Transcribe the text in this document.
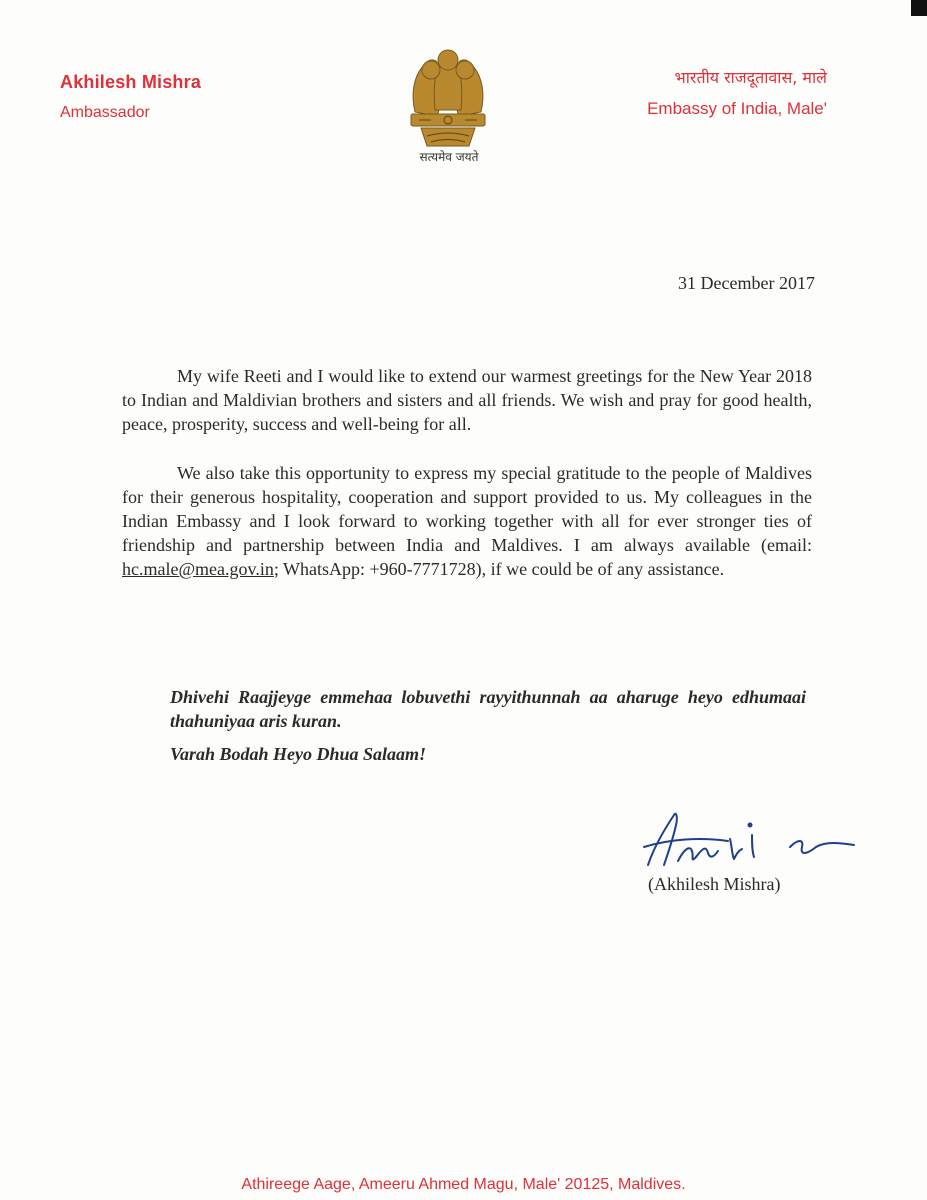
Akhilesh Mishra
Ambassador
सत्यमेव जयते
भारतीय राजदूतावास, माले
Embassy of India, Male'
31 December 2017

My wife Reeti and I would like to extend our warmest greetings for the New Year 2018 to Indian and Maldivian brothers and sisters and all friends. We wish and pray for good health, peace, prosperity, success and well-being for all.

We also take this opportunity to express my special gratitude to the people of Maldives for their generous hospitality, cooperation and support provided to us. My colleagues in the Indian Embassy and I look forward to working together with all for ever stronger ties of friendship and partnership between India and Maldives. I am always available (email: hc.male@mea.gov.in; WhatsApp: +960-7771728), if we could be of any assistance.

Dhivehi Raajjeyge emmehaa lobuvethi rayyithunnah aa aharuge heyo edhumaai thahuniyaa aris kuran.

Varah Bodah Heyo Dhua Salaam!

(Akhilesh Mishra)
Athireege Aage, Ameeru Ahmed Magu, Male' 20125, Maldives.
